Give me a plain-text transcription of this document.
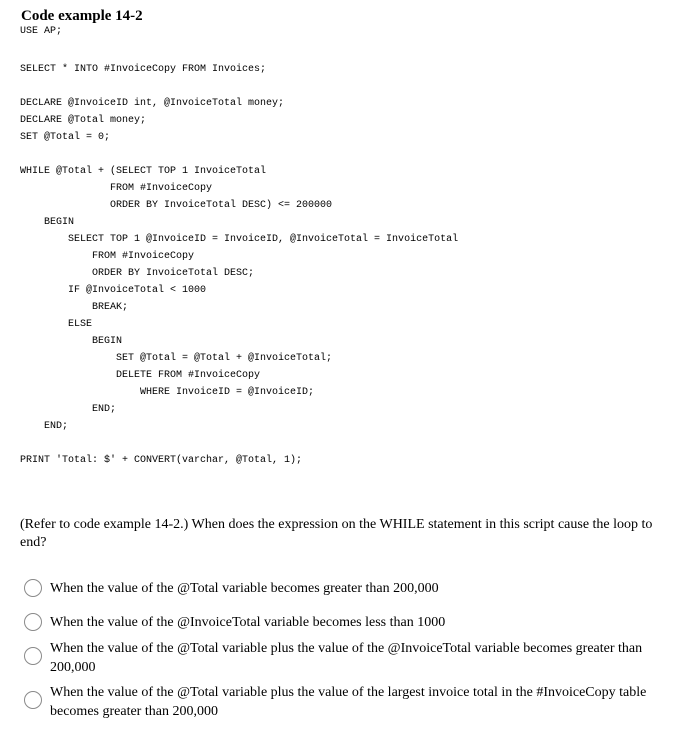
Code example 14-2
USE AP;
SELECT * INTO #InvoiceCopy FROM Invoices;
DECLARE @InvoiceID int, @InvoiceTotal money;
DECLARE @Total money;
SET @Total = 0;
WHILE @Total + (SELECT TOP 1 InvoiceTotal
FROM #InvoiceCopy
ORDER BY InvoiceTotal DESC) <= 200000
BEGIN
SELECT TOP 1 @InvoiceID = InvoiceID, @InvoiceTotal = InvoiceTotal
FROM #InvoiceCopy
ORDER BY InvoiceTotal DESC;
IF @InvoiceTotal < 1000
BREAK;
ELSE
BEGIN
SET @Total = @Total + @InvoiceTotal;
DELETE FROM #InvoiceCopy
WHERE InvoiceID = @InvoiceID;
END;
END;
PRINT 'Total: $' + CONVERT(varchar, @Total, 1);
(Refer to code example 14-2.) When does the expression on the WHILE statement in this script cause the loop to end?
When the value of the @Total variable becomes greater than 200,000
When the value of the @InvoiceTotal variable becomes less than 1000
When the value of the @Total variable plus the value of the @InvoiceTotal variable becomes greater than 200,000
When the value of the @Total variable plus the value of the largest invoice total in the #InvoiceCopy table becomes greater than 200,000
